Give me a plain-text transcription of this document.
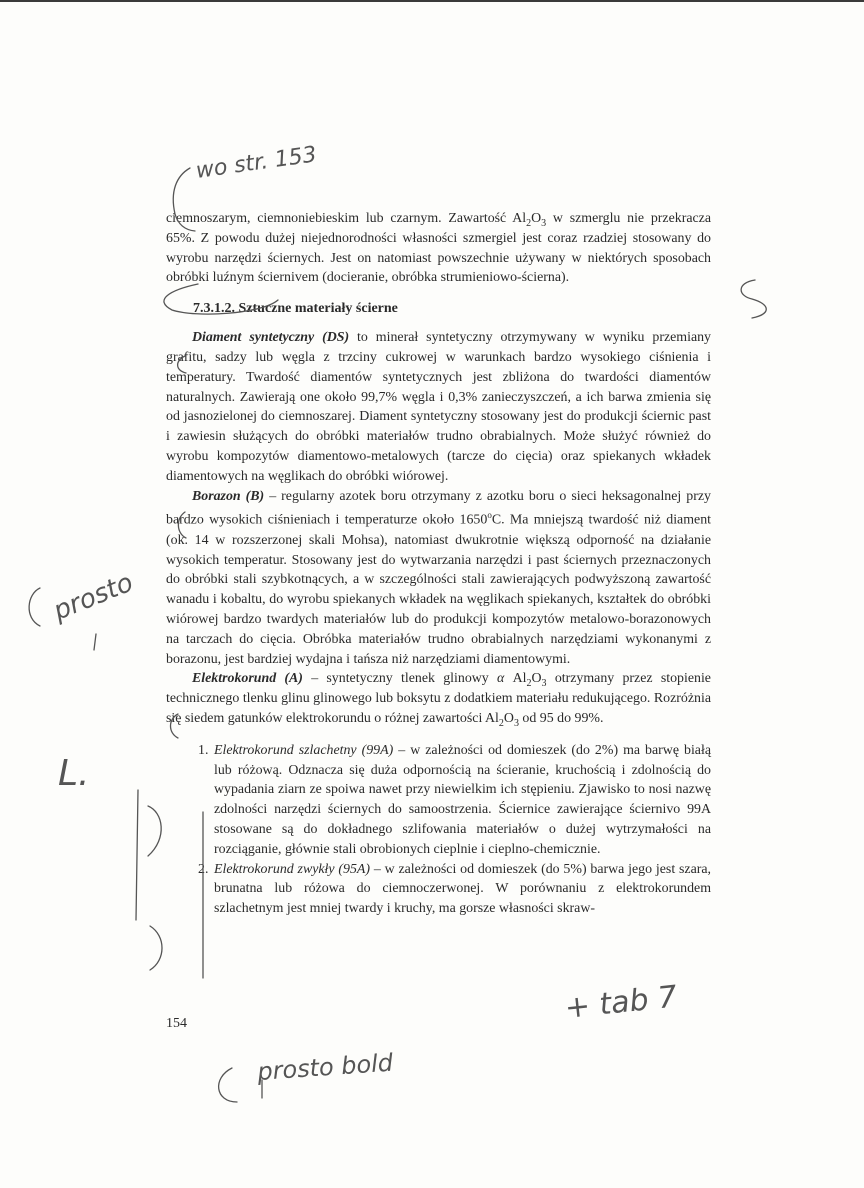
ciemnoszarym, ciemnoniebieskim lub czarnym. Zawartość $Al_2O_3$ w szmerglu nie przekracza 65%. Z powodu dużej niejednorodności własności szmergiel jest coraz rzadziej stosowany do wyrobu narzędzi ściernych. Jest on natomiast powszechnie używany w niektórych sposobach obróbki luźnym ściernivem (docieranie, obróbka strumieniowo-ścierna).

7.3.1.2. Sztuczne materiały ścierne

Diament syntetyczny (DS) to minerał syntetyczny otrzymywany w wyniku przemiany grafitu, sadzy lub węgla z trzciny cukrowej w warunkach bardzo wysokiego ciśnienia i temperatury. Twardość diamentów syntetycznych jest zbliżona do twardości diamentów naturalnych. Zawierają one około 99,7% węgla i 0,3% zanieczyszczeń, a ich barwa zmienia się od jasnozielonej do ciemnoszarej. Diament syntetyczny stosowany jest do produkcji ściernic past i zawiesin służących do obróbki materiałów trudno obrabialnych. Może służyć również do wyrobu kompozytów diamentowo-metalowych (tarcze do cięcia) oraz spiekanych wkładek diamentowych na węglikach do obróbki wiórowej.

Borazon (B) – regularny azotek boru otrzymany z azotku boru o sieci heksagonalnej przy bardzo wysokich ciśnieniach i temperaturze około 1650$^o$C. Ma mniejszą twardość niż diament (ok. 14 w rozszerzonej skali Mohsa), natomiast dwukrotnie większą odporność na działanie wysokich temperatur. Stosowany jest do wytwarzania narzędzi i past ściernych przeznaczonych do obróbki stali szybkotnących, a w szczególności stali zawierających podwyższoną zawartość wanadu i kobaltu, do wyrobu spiekanych wkładek na węglikach spiekanych, kształtek do obróbki wiórowej bardzo twardych materiałów lub do produkcji kompozytów metalowo-borazonowych na tarczach do cięcia. Obróbka materiałów trudno obrabialnych narzędziami wykonanymi z borazonu, jest bardziej wydajna i tańsza niż narzędziami diamentowymi.

Elektrokorund (A) – syntetyczny tlenek glinowy α $Al_2O_3$ otrzymany przez stopienie technicznego tlenku glinu glinowego lub boksytu z dodatkiem materiału redukującego. Rozróżnia się siedem gatunków elektrokorundu o różnej zawartości $Al_2O_3$ od 95 do 99%.

1. Elektrokorund szlachetny (99A) – w zależności od domieszek (do 2%) ma barwę białą lub różową. Odznacza się duża odpornością na ścieranie, kruchością i zdolnością do wypadania ziarn ze spoiwa nawet przy niewielkim ich stępieniu. Zjawisko to nosi nazwę zdolności narzędzi ściernych do samoostrzenia. Ściernice zawierające ściernivo 99A stosowane są do dokładnego szlifowania materiałów o dużej wytrzymałości na rozciąganie, głównie stali obrobionych cieplnie i cieplno-chemicznie.

2. Elektrokorund zwykły (95A) – w zależności od domieszek (do 5%) barwa jego jest szara, brunatna lub różowa do ciemnoczerwonej. W porównaniu z elektrokorundem szlachetnym jest mniej twardy i kruchy, ma gorsze własności skraw-

154
wo str. 153
5
prosto
L.
+ tab 7
prosto bold
